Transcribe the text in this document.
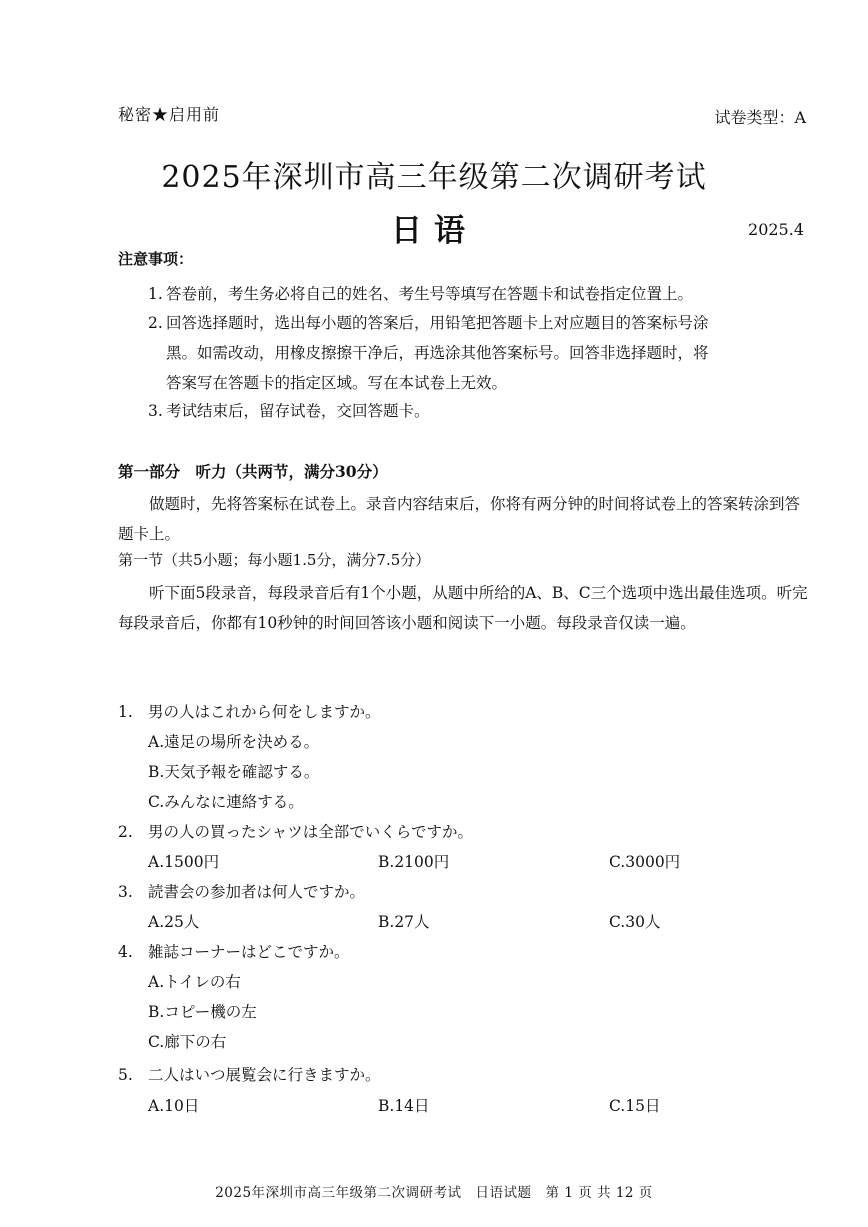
秘密★启用前	试卷类型：A
2025年深圳市高三年级第二次调研考试
日语	2025.4
注意事项：
1. 答卷前，考生务必将自己的姓名、考生号等填写在答题卡和试卷指定位置上。
2. 回答选择题时，选出每小题的答案后，用铅笔把答题卡上对应题目的答案标号涂
黑。如需改动，用橡皮擦擦干净后，再选涂其他答案标号。回答非选择题时，将
答案写在答题卡的指定区域。写在本试卷上无效。
3. 考试结束后，留存试卷，交回答题卡。
第一部分　听力（共两节，满分30分）
做题时，先将答案标在试卷上。录音内容结束后，你将有两分钟的时间将试卷上的答案转涂到答题卡上。
第一节（共5小题；每小题1.5分，满分7.5分）
听下面5段录音，每段录音后有1个小题，从题中所给的A、B、C三个选项中选出最佳选项。听完每段录音后，你都有10秒钟的时间回答该小题和阅读下一小题。每段录音仅读一遍。
1. 男の人はこれから何をしますか。
A.遠足の場所を決める。
B.天気予報を確認する。
C.みんなに連絡する。
2. 男の人の買ったシャツは全部でいくらですか。
A.1500円	B.2100円	C.3000円
3. 読書会の参加者は何人ですか。
A.25人	B.27人	C.30人
4. 雑誌コーナーはどこですか。
A.トイレの右
B.コピー機の左
C.廊下の右
5. 二人はいつ展覧会に行きますか。
A.10日	B.14日	C.15日
2025年深圳市高三年级第二次调研考试　日语试题　第 1 页 共 12 页
